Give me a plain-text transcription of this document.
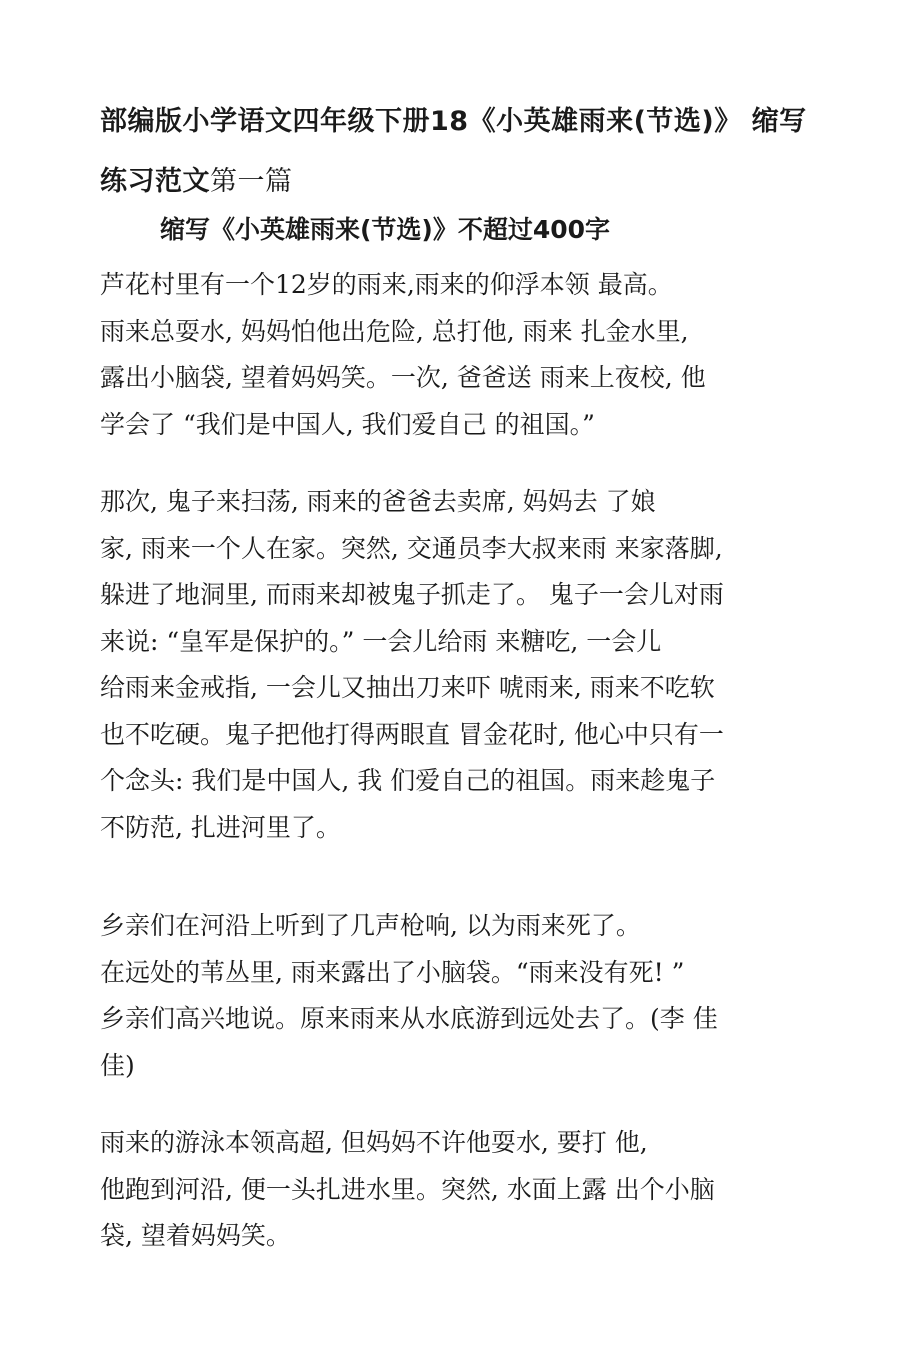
部编版小学语文四年级下册18《小英雄雨来(节选)》 缩写练习范文第一篇
缩写《小英雄雨来(节选)》不超过400字

芦花村里有一个12岁的雨来,雨来的仰浮本领 最高。
雨来总耍水, 妈妈怕他出危险, 总打他, 雨来 扎金水里,
露出小脑袋, 望着妈妈笑。一次, 爸爸送 雨来上夜校, 他
学会了 “我们是中国人, 我们爱自己 的祖国。”

那次, 鬼子来扫荡, 雨来的爸爸去卖席, 妈妈去 了娘
家, 雨来一个人在家。突然, 交通员李大叔来雨 来家落脚,
躲进了地洞里, 而雨来却被鬼子抓走了。 鬼子一会儿对雨
来说: “皇军是保护的。” 一会儿给雨 来糖吃, 一会儿
给雨来金戒指, 一会儿又抽出刀来吓 唬雨来, 雨来不吃软
也不吃硬。鬼子把他打得两眼直 冒金花时, 他心中只有一
个念头: 我们是中国人, 我 们爱自己的祖国。雨来趁鬼子
不防范, 扎进河里了。

乡亲们在河沿上听到了几声枪响, 以为雨来死了。
在远处的苇丛里, 雨来露出了小脑袋。“雨来没有死! ”
乡亲们高兴地说。原来雨来从水底游到远处去了。(李 佳
佳)

雨来的游泳本领高超, 但妈妈不许他耍水, 要打 他,
他跑到河沿, 便一头扎进水里。突然, 水面上露 出个小脑
袋, 望着妈妈笑。
